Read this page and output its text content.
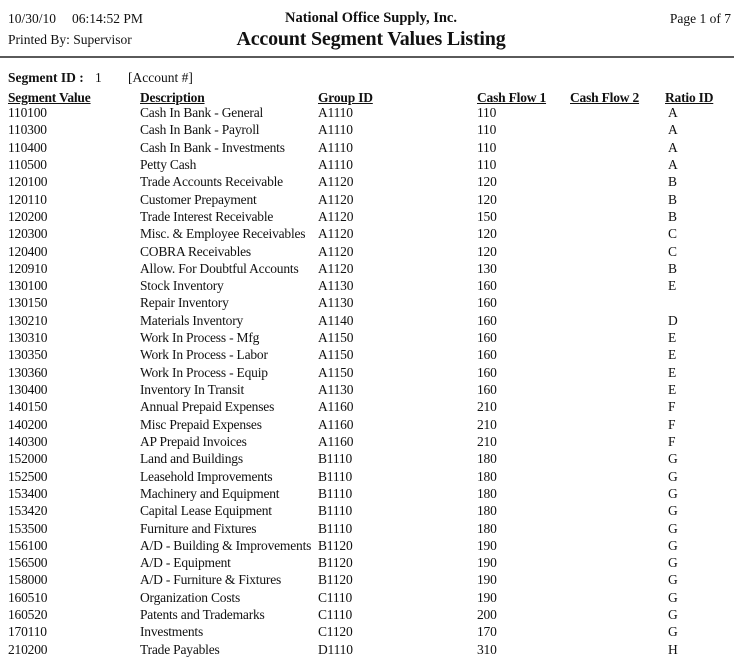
10/30/10 06:14:52 PM	National Office Supply, Inc.	Page 1 of 7
Printed By: Supervisor	Account Segment Values Listing
Segment ID : 1 [Account #]
Segment Value	Description	Group ID	Cash Flow 1 Cash Flow 2 Ratio ID
110100	Cash In Bank - General	A1110	110	A
110300	Cash In Bank - Payroll	A1110	110	A
110400	Cash In Bank - Investments A1110	110	A
110500	Petty Cash	A1110	110	A
120100	Trade Accounts Receivable	A1120	120	B
120110	Customer Prepayment	A1120	120	B
120200	Trade Interest Receivable	A1120	150	B
120300	Misc. & Employee Receivables A1120	120	C
120400	COBRA Receivables	A1120	120	C
120910	Allow. For Doubtful Accounts A1120	130	B
130100	Stock Inventory	A1130	160	E
130150	Repair Inventory	A1130	160
130210	Materials Inventory	A1140	160	D
130310	Work In Process - Mfg	A1150	160	E
130350	Work In Process - Labor	A1150	160	E
130360	Work In Process - Equip	A1150	160	E
130400	Inventory In Transit	A1130	160	E
140150	Annual Prepaid Expenses	A1160	210	F
140200	Misc Prepaid Expenses	A1160	210	F
140300	AP Prepaid Invoices	A1160	210	F
152000	Land and Buildings	B1110	180	G
152500	Leasehold Improvements	B1110	180	G
153400	Machinery and Equipment	B1110	180	G
153420	Capital Lease Equipment	B1110	180	G
153500	Furniture and Fixtures	B1110	180	G
156100	A/D - Building & Improvements B1120	190	G
156500	A/D - Equipment	B1120	190	G
158000	A/D - Furniture & Fixtures	B1120	190	G
160510	Organization Costs	C1110	190	G
160520	Patents and Trademarks	C1110	200	G
170110	Investments	C1120	170	G
210200	Trade Payables	D1110	310	H
